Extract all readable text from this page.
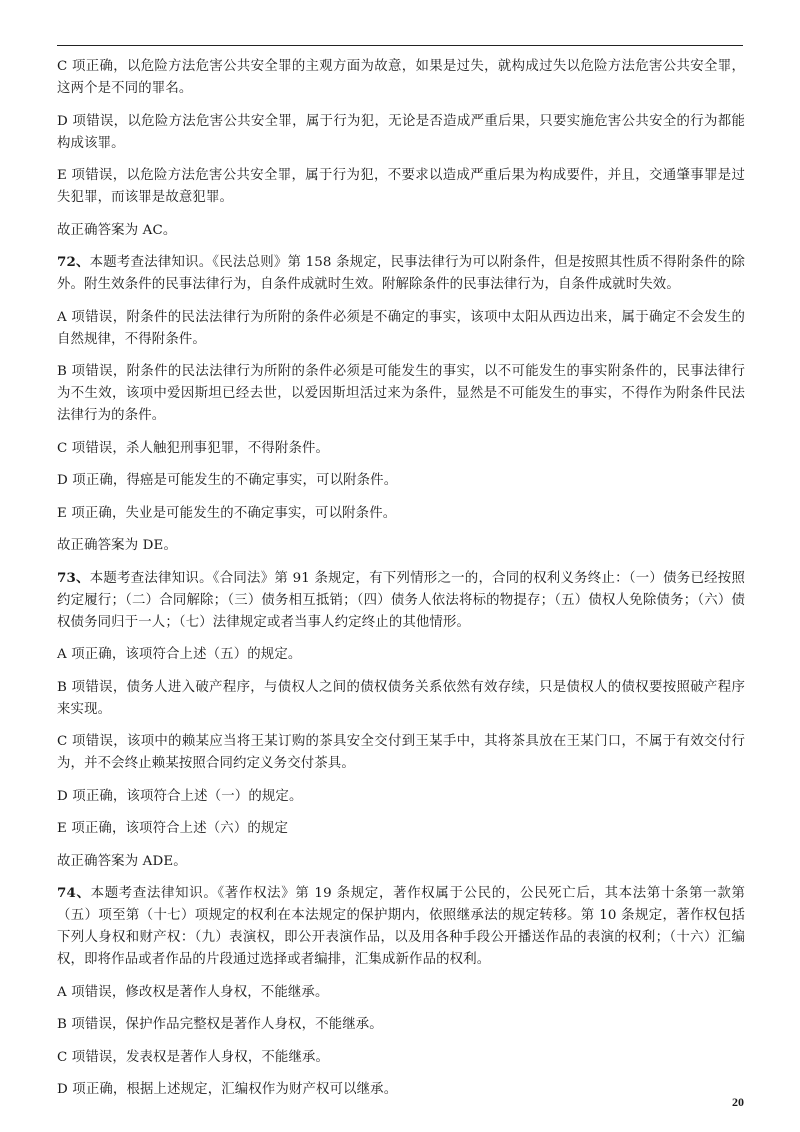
C 项正确，以危险方法危害公共安全罪的主观方面为故意，如果是过失，就构成过失以危险方法危害公共安全罪，这两个是不同的罪名。

D 项错误，以危险方法危害公共安全罪，属于行为犯，无论是否造成严重后果，只要实施危害公共安全的行为都能构成该罪。

E 项错误，以危险方法危害公共安全罪，属于行为犯，不要求以造成严重后果为构成要件，并且，交通肇事罪是过失犯罪，而该罪是故意犯罪。

故正确答案为 AC。

72、本题考查法律知识。《民法总则》第 158 条规定，民事法律行为可以附条件，但是按照其性质不得附条件的除外。附生效条件的民事法律行为，自条件成就时生效。附解除条件的民事法律行为，自条件成就时失效。

A 项错误，附条件的民法法律行为所附的条件必须是不确定的事实，该项中太阳从西边出来，属于确定不会发生的自然规律，不得附条件。

B 项错误，附条件的民法法律行为所附的条件必须是可能发生的事实，以不可能发生的事实附条件的，民事法律行为不生效，该项中爱因斯坦已经去世，以爱因斯坦活过来为条件，显然是不可能发生的事实，不得作为附条件民法法律行为的条件。

C 项错误，杀人触犯刑事犯罪，不得附条件。

D 项正确，得癌是可能发生的不确定事实，可以附条件。

E 项正确，失业是可能发生的不确定事实，可以附条件。

故正确答案为 DE。

73、本题考查法律知识。《合同法》第 91 条规定，有下列情形之一的，合同的权利义务终止：（一）债务已经按照约定履行；（二）合同解除；（三）债务相互抵销；（四）债务人依法将标的物提存；（五）债权人免除债务；（六）债权债务同归于一人；（七）法律规定或者当事人约定终止的其他情形。

A 项正确，该项符合上述（五）的规定。

B 项错误，债务人进入破产程序，与债权人之间的债权债务关系依然有效存续，只是债权人的债权要按照破产程序来实现。

C 项错误，该项中的赖某应当将王某订购的茶具安全交付到王某手中，其将茶具放在王某门口，不属于有效交付行为，并不会终止赖某按照合同约定义务交付茶具。

D 项正确，该项符合上述（一）的规定。

E 项正确，该项符合上述（六）的规定

故正确答案为 ADE。

74、本题考查法律知识。《著作权法》第 19 条规定，著作权属于公民的，公民死亡后，其本法第十条第一款第（五）项至第（十七）项规定的权利在本法规定的保护期内，依照继承法的规定转移。第 10 条规定，著作权包括下列人身权和财产权：（九）表演权，即公开表演作品，以及用各种手段公开播送作品的表演的权利；（十六）汇编权，即将作品或者作品的片段通过选择或者编排，汇集成新作品的权利。

A 项错误，修改权是著作人身权，不能继承。

B 项错误，保护作品完整权是著作人身权，不能继承。

C 项错误，发表权是著作人身权，不能继承。

D 项正确，根据上述规定，汇编权作为财产权可以继承。

20
